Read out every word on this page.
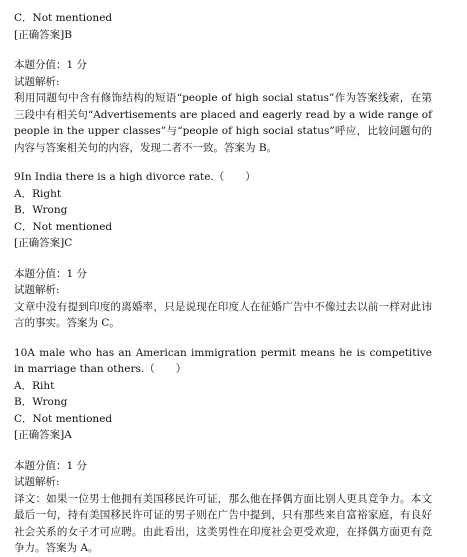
C．Not mentioned
[正确答案]B
本题分值：1 分
试题解析:
利用同题句中含有修饰结构的短语“people of high social status”作为答案线索，在第三段中有相关句“Advertisements are placed and eagerly read by a wide range of people in the upper classes”与“people of high social status”呼应，比较问题句的内容与答案相关句的内容，发现二者不一致。答案为 B。
9In India there is a high divorce rate.（　　）
A．Right
B．Wrong
C．Not mentioned
[正确答案]C
本题分值：1 分
试题解析:
文章中没有提到印度的离婚率，只是说现在印度人在征婚广告中不像过去以前一样对此讳言的事实。答案为 C。
10A male who has an American immigration permit means he is competitive in marriage than others.（　　）
A．Riht
B．Wrong
C．Not mentioned
[正确答案]A
本题分值：1 分
试题解析:
译文：如果一位男士他拥有美国移民许可证，那么他在择偶方面比别人更具竞争力。本文最后一句，持有美国移民许可证的男子则在广告中提到，只有那些来自富裕家庭，有良好社会关系的女子才可应聘。由此看出，这类男性在印度社会更受欢迎，在择偶方面更有竞争力。答案为 A。
